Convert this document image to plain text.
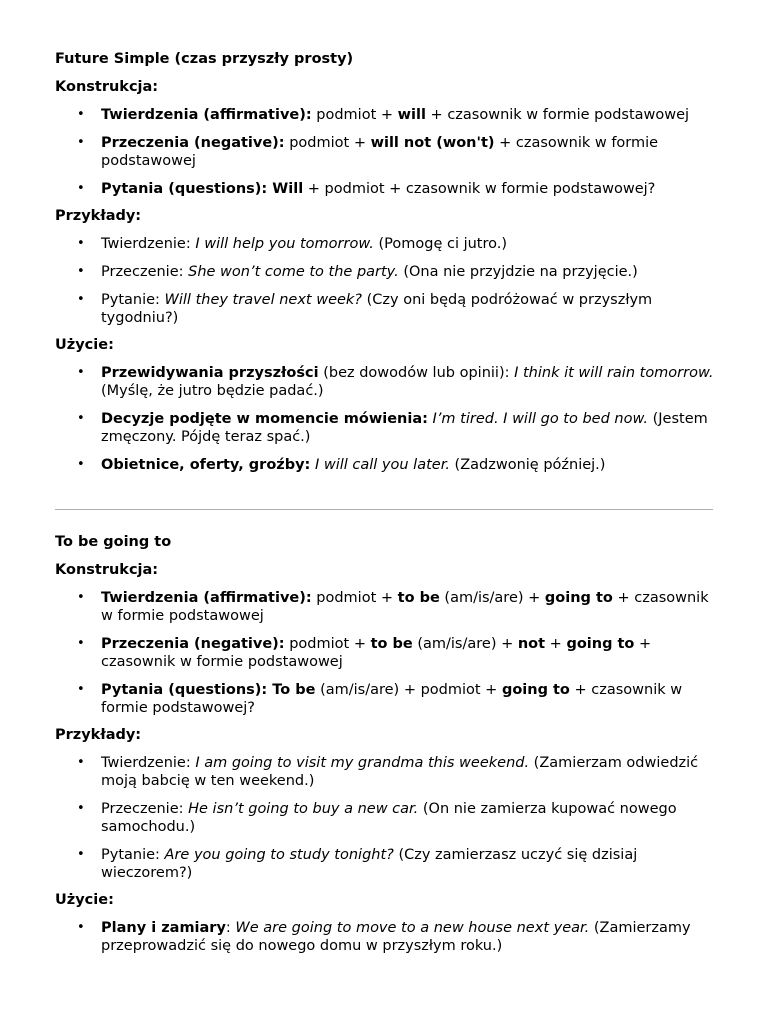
Future Simple (czas przyszły prosty)
Konstrukcja:
• Twierdzenia (affirmative): podmiot + will + czasownik w formie podstawowej
• Przeczenia (negative): podmiot + will not (won't) + czasownik w formie podstawowej
• Pytania (questions): Will + podmiot + czasownik w formie podstawowej?
Przykłady:
• Twierdzenie: I will help you tomorrow. (Pomogę ci jutro.)
• Przeczenie: She won’t come to the party. (Ona nie przyjdzie na przyjęcie.)
• Pytanie: Will they travel next week? (Czy oni będą podróżować w przyszłym tygodniu?)
Użycie:
• Przewidywania przyszłości (bez dowodów lub opinii): I think it will rain tomorrow. (Myślę, że jutro będzie padać.)
• Decyzje podjęte w momencie mówienia: I’m tired. I will go to bed now. (Jestem zmęczony. Pójdę teraz spać.)
• Obietnice, oferty, groźby: I will call you later. (Zadzwonię później.)
To be going to
Konstrukcja:
• Twierdzenia (affirmative): podmiot + to be (am/is/are) + going to + czasownik w formie podstawowej
• Przeczenia (negative): podmiot + to be (am/is/are) + not + going to + czasownik w formie podstawowej
• Pytania (questions): To be (am/is/are) + podmiot + going to + czasownik w formie podstawowej?
Przykłady:
• Twierdzenie: I am going to visit my grandma this weekend. (Zamierzam odwiedzić moją babcię w ten weekend.)
• Przeczenie: He isn’t going to buy a new car. (On nie zamierza kupować nowego samochodu.)
• Pytanie: Are you going to study tonight? (Czy zamierzasz uczyć się dzisiaj wieczorem?)
Użycie:
• Plany i zamiary: We are going to move to a new house next year. (Zamierzamy przeprowadzić się do nowego domu w przyszłym roku.)
